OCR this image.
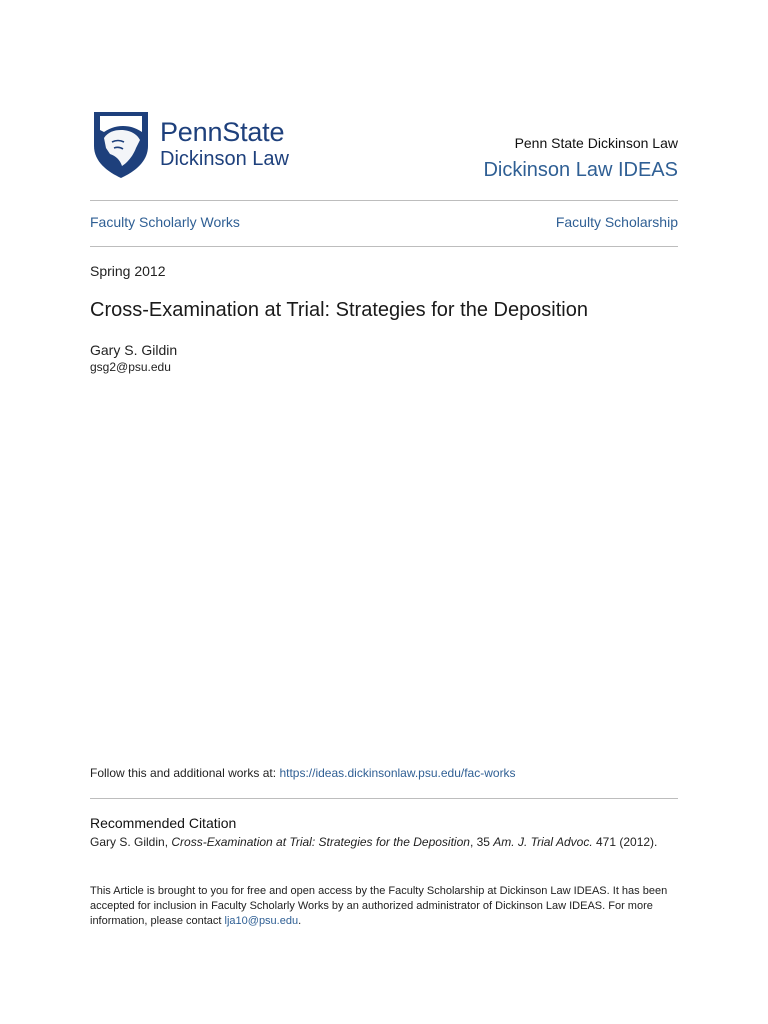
PennState
Dickinson Law
Penn State Dickinson Law
Dickinson Law IDEAS
Faculty Scholarly Works	Faculty Scholarship
Spring 2012
Cross-Examination at Trial: Strategies for the Deposition
Gary S. Gildin
gsg2@psu.edu
Follow this and additional works at: https://ideas.dickinsonlaw.psu.edu/fac-works
Recommended Citation
Gary S. Gildin, Cross-Examination at Trial: Strategies for the Deposition, 35 Am. J. Trial Advoc. 471 (2012).
This Article is brought to you for free and open access by the Faculty Scholarship at Dickinson Law IDEAS. It has been accepted for inclusion in Faculty Scholarly Works by an authorized administrator of Dickinson Law IDEAS. For more information, please contact lja10@psu.edu.
